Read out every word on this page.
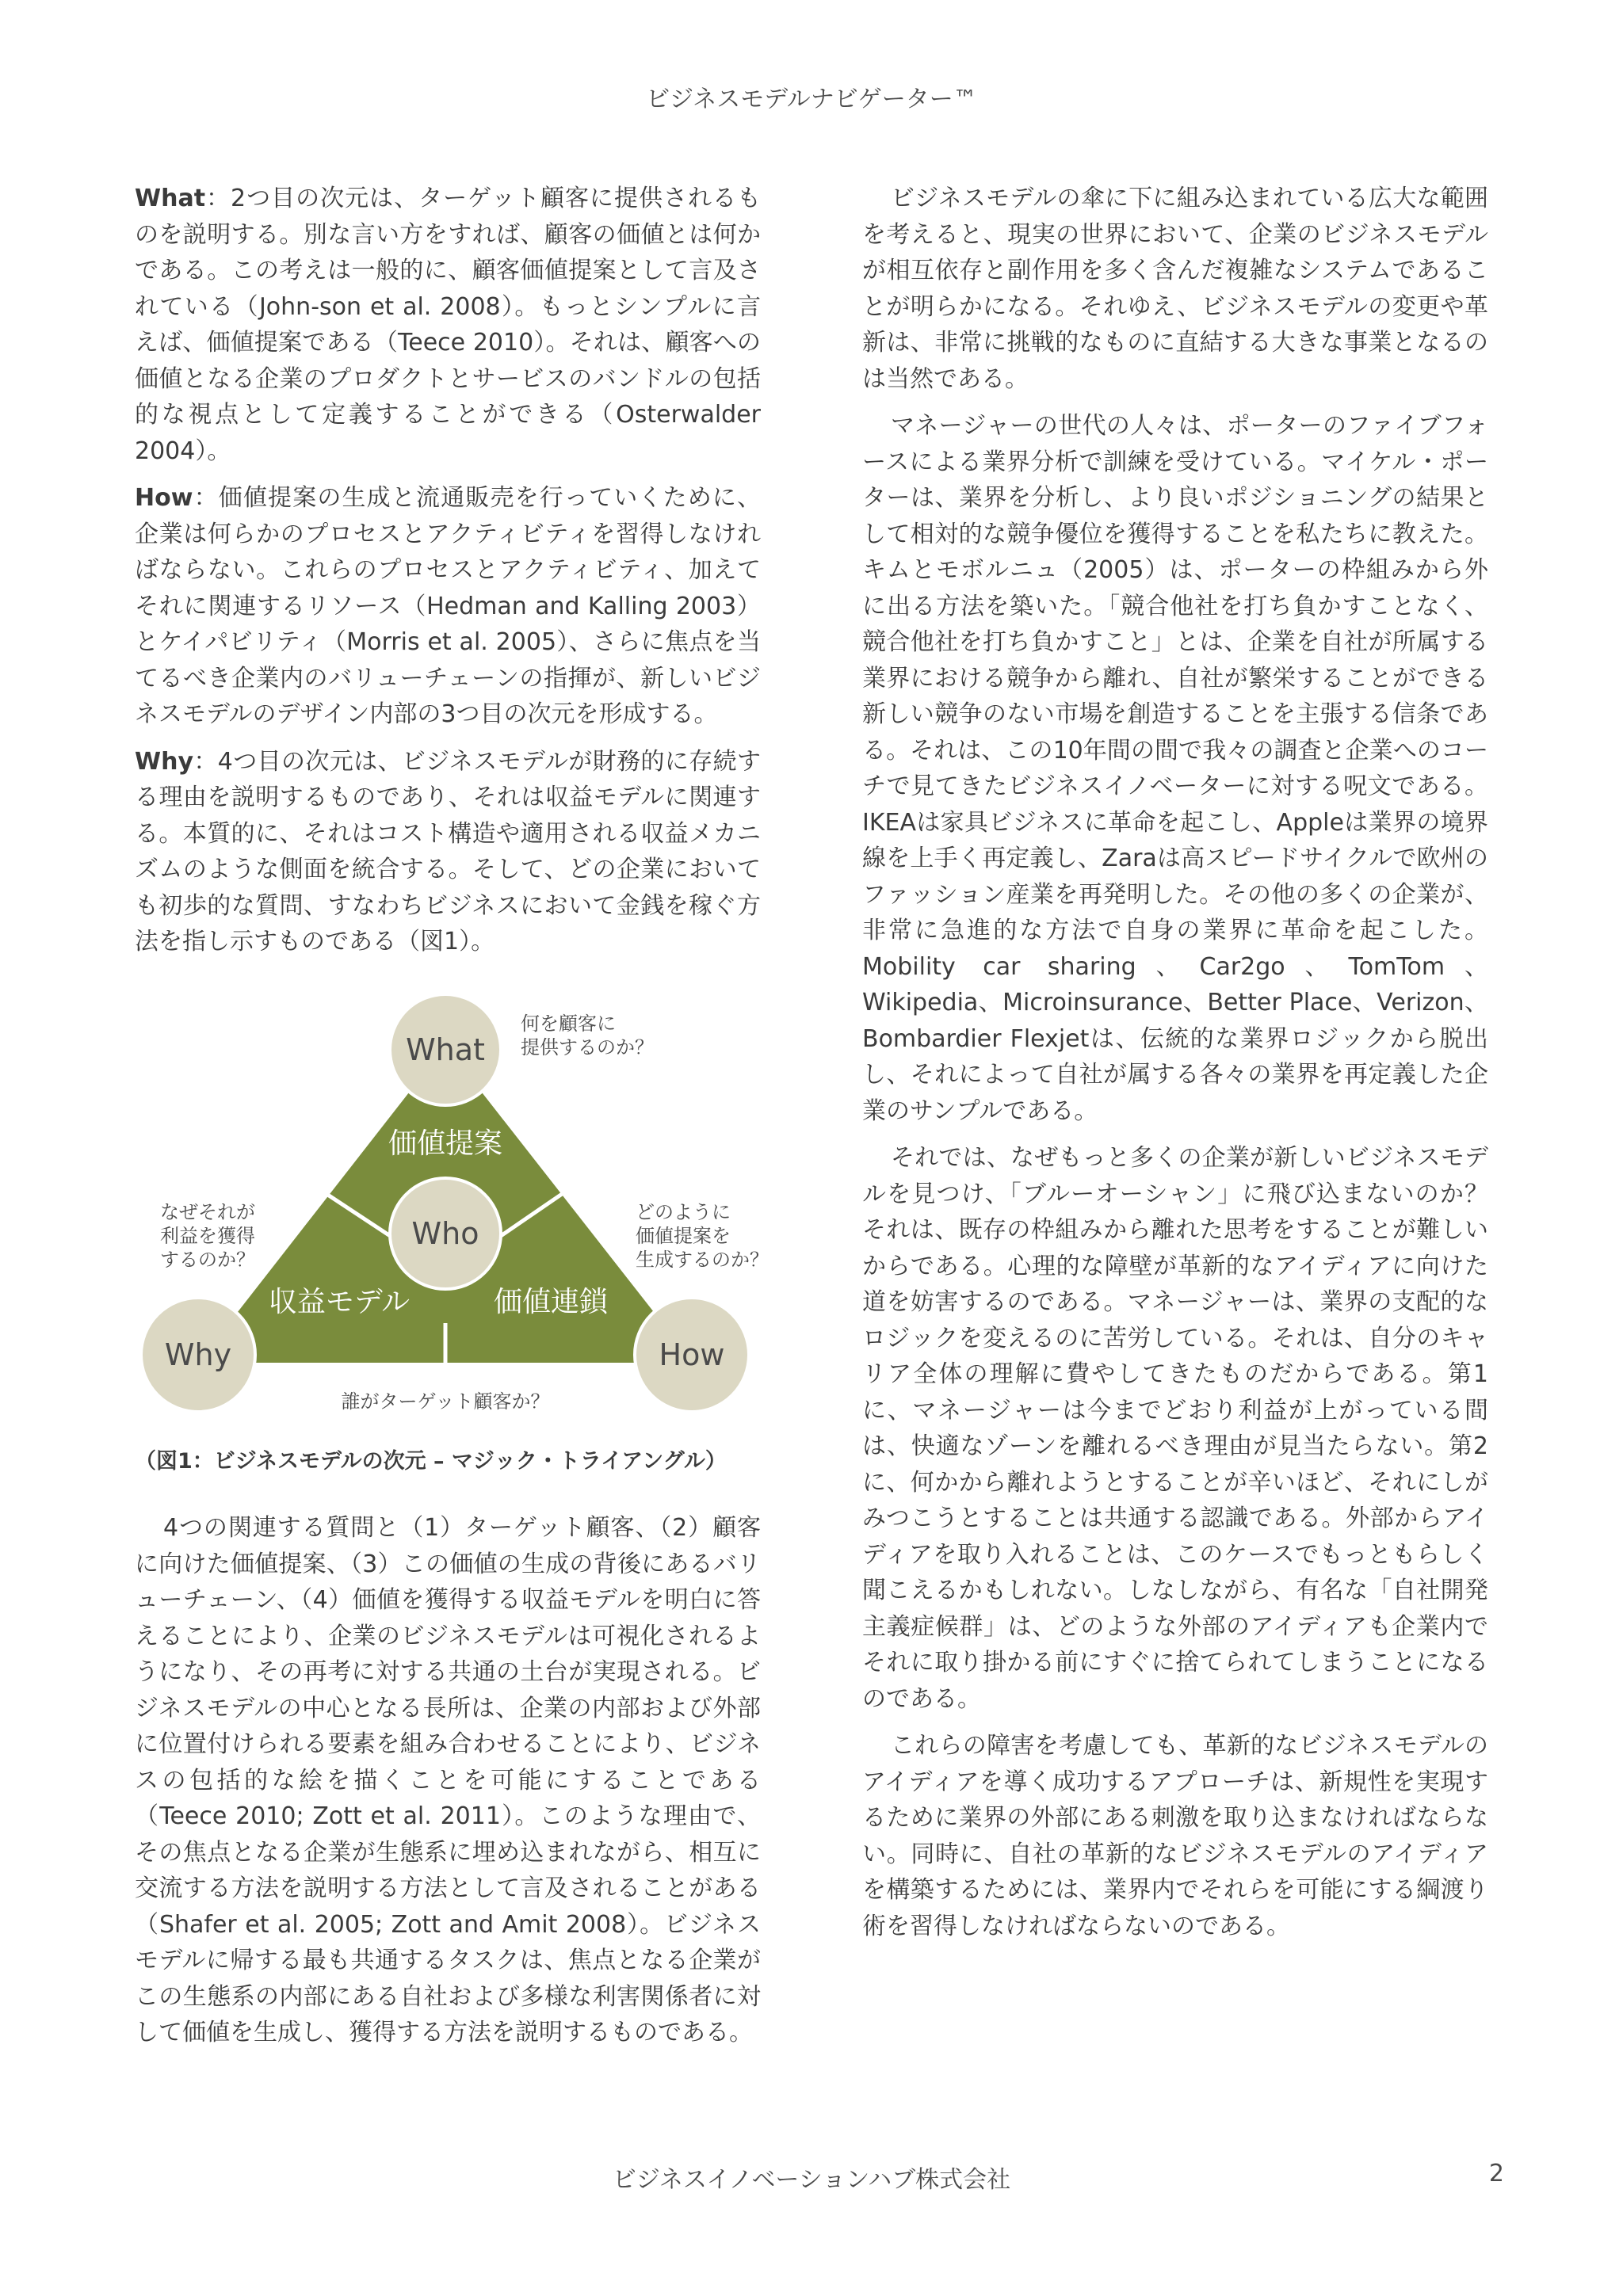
ビジネスモデルナビゲーター™

What：2つ目の次元は、ターゲット顧客に提供されるものを説明する。別な言い方をすれば、顧客の価値とは何かである。この考えは一般的に、顧客価値提案として言及されている（John-son et al. 2008）。もっとシンプルに言えば、価値提案である（Teece 2010）。それは、顧客への価値となる企業のプロダクトとサービスのバンドルの包括的な視点として定義することができる（Osterwalder 2004）。

How：価値提案の生成と流通販売を行っていくために、企業は何らかのプロセスとアクティビティを習得しなければならない。これらのプロセスとアクティビティ、加えてそれに関連するリソース（Hedman and Kalling 2003）とケイパビリティ（Morris et al. 2005）、さらに焦点を当てるべき企業内のバリューチェーンの指揮が、新しいビジネスモデルのデザイン内部の3つ目の次元を形成する。

Why：4つ目の次元は、ビジネスモデルが財務的に存続する理由を説明するものであり、それは収益モデルに関連する。本質的に、それはコスト構造や適用される収益メカニズムのような側面を統合する。そして、どの企業においても初歩的な質問、すなわちビジネスにおいて金銭を稼ぐ方法を指し示すものである（図1）。

What
Who
Why	How
価値提案
収益モデル	価値連鎖
何を顧客に
提供するのか？
なぜそれが
利益を獲得
するのか？
どのように
価値提案を
生成するのか？
誰がターゲット顧客か？
（図1：ビジネスモデルの次元 – マジック・トライアングル）

4つの関連する質問と（1）ターゲット顧客、（2）顧客に向けた価値提案、（3）この価値の生成の背後にあるバリューチェーン、（4）価値を獲得する収益モデルを明白に答えることにより、企業のビジネスモデルは可視化されるようになり、その再考に対する共通の土台が実現される。ビジネスモデルの中心となる長所は、企業の内部および外部に位置付けられる要素を組み合わせることにより、ビジネスの包括的な絵を描くことを可能にすることである（Teece 2010; Zott et al. 2011）。このような理由で、その焦点となる企業が生態系に埋め込まれながら、相互に交流する方法を説明する方法として言及されることがある（Shafer et al. 2005; Zott and Amit 2008）。ビジネスモデルに帰する最も共通するタスクは、焦点となる企業がこの生態系の内部にある自社および多様な利害関係者に対して価値を生成し、獲得する方法を説明するものである。

ビジネスモデルの傘に下に組み込まれている広大な範囲を考えると、現実の世界において、企業のビジネスモデルが相互依存と副作用を多く含んだ複雑なシステムであることが明らかになる。それゆえ、ビジネスモデルの変更や革新は、非常に挑戦的なものに直結する大きな事業となるのは当然である。

マネージャーの世代の人々は、ポーターのファイブフォースによる業界分析で訓練を受けている。マイケル・ポーターは、業界を分析し、より良いポジショニングの結果として相対的な競争優位を獲得することを私たちに教えた。キムとモボルニュ（2005）は、ポーターの枠組みから外に出る方法を築いた。「競合他社を打ち負かすことなく、競合他社を打ち負かすこと」とは、企業を自社が所属する業界における競争から離れ、自社が繁栄することができる新しい競争のない市場を創造することを主張する信条である。それは、この10年間の間で我々の調査と企業へのコーチで見てきたビジネスイノベーターに対する呪文である。IKEAは家具ビジネスに革命を起こし、Appleは業界の境界線を上手く再定義し、Zaraは高スピードサイクルで欧州のファッション産業を再発明した。その他の多くの企業が、非常に急進的な方法で自身の業界に革命を起こした。Mobility car sharing、Car2go、TomTom、Wikipedia、Microinsurance、Better Place、Verizon、Bombardier Flexjetは、伝統的な業界ロジックから脱出し、それによって自社が属する各々の業界を再定義した企業のサンプルである。

それでは、なぜもっと多くの企業が新しいビジネスモデルを見つけ、「ブルーオーシャン」に飛び込まないのか？それは、既存の枠組みから離れた思考をすることが難しいからである。心理的な障壁が革新的なアイディアに向けた道を妨害するのである。マネージャーは、業界の支配的なロジックを変えるのに苦労している。それは、自分のキャリア全体の理解に費やしてきたものだからである。第1に、マネージャーは今までどおり利益が上がっている間は、快適なゾーンを離れるべき理由が見当たらない。第2に、何かから離れようとすることが辛いほど、それにしがみつこうとすることは共通する認識である。外部からアイディアを取り入れることは、このケースでもっともらしく聞こえるかもしれない。しなしながら、有名な「自社開発主義症候群」は、どのような外部のアイディアも企業内でそれに取り掛かる前にすぐに捨てられてしまうことになるのである。

これらの障害を考慮しても、革新的なビジネスモデルのアイディアを導く成功するアプローチは、新規性を実現するために業界の外部にある刺激を取り込まなければならない。同時に、自社の革新的なビジネスモデルのアイディアを構築するためには、業界内でそれらを可能にする綱渡り術を習得しなければならないのである。

ビジネスイノベーションハブ株式会社	2
